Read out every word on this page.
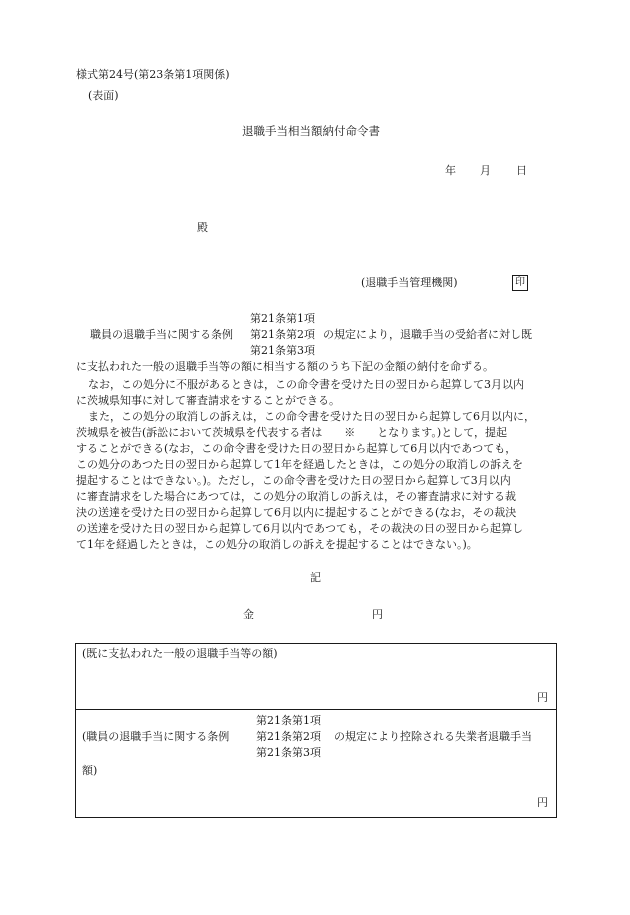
様式第24号(第23条第1項関係)
(表面)
退職手当相当額納付命令書
年 月 日
殿
(退職手当管理機関)	印
第21条第1項
職員の退職手当に関する条例 第21条第2項 の規定により，退職手当の受給者に対し既
第21条第3項
に支払われた一般の退職手当等の額に相当する額のうち下記の金額の納付を命ずる。
なお，この処分に不服があるときは，この命令書を受けた日の翌日から起算して3月以内
に茨城県知事に対して審査請求をすることができる。
また，この処分の取消しの訴えは，この命令書を受けた日の翌日から起算して6月以内に，
茨城県を被告(訴訟において茨城県を代表する者は　　※　　となります。)として，提起
することができる(なお，この命令書を受けた日の翌日から起算して6月以内であつても，
この処分のあつた日の翌日から起算して1年を経過したときは，この処分の取消しの訴えを
提起することはできない。)。ただし，この命令書を受けた日の翌日から起算して3月以内
に審査請求をした場合にあつては，この処分の取消しの訴えは，その審査請求に対する裁
決の送達を受けた日の翌日から起算して6月以内に提起することができる(なお，その裁決
の送達を受けた日の翌日から起算して6月以内であつても，その裁決の日の翌日から起算し
て1年を経過したときは，この処分の取消しの訴えを提起することはできない。)。
記
金	円
(既に支払われた一般の退職手当等の額)
円
第21条第1項
(職員の退職手当に関する条例 第21条第2項 の規定により控除される失業者退職手当
第21条第3項
額)
円
